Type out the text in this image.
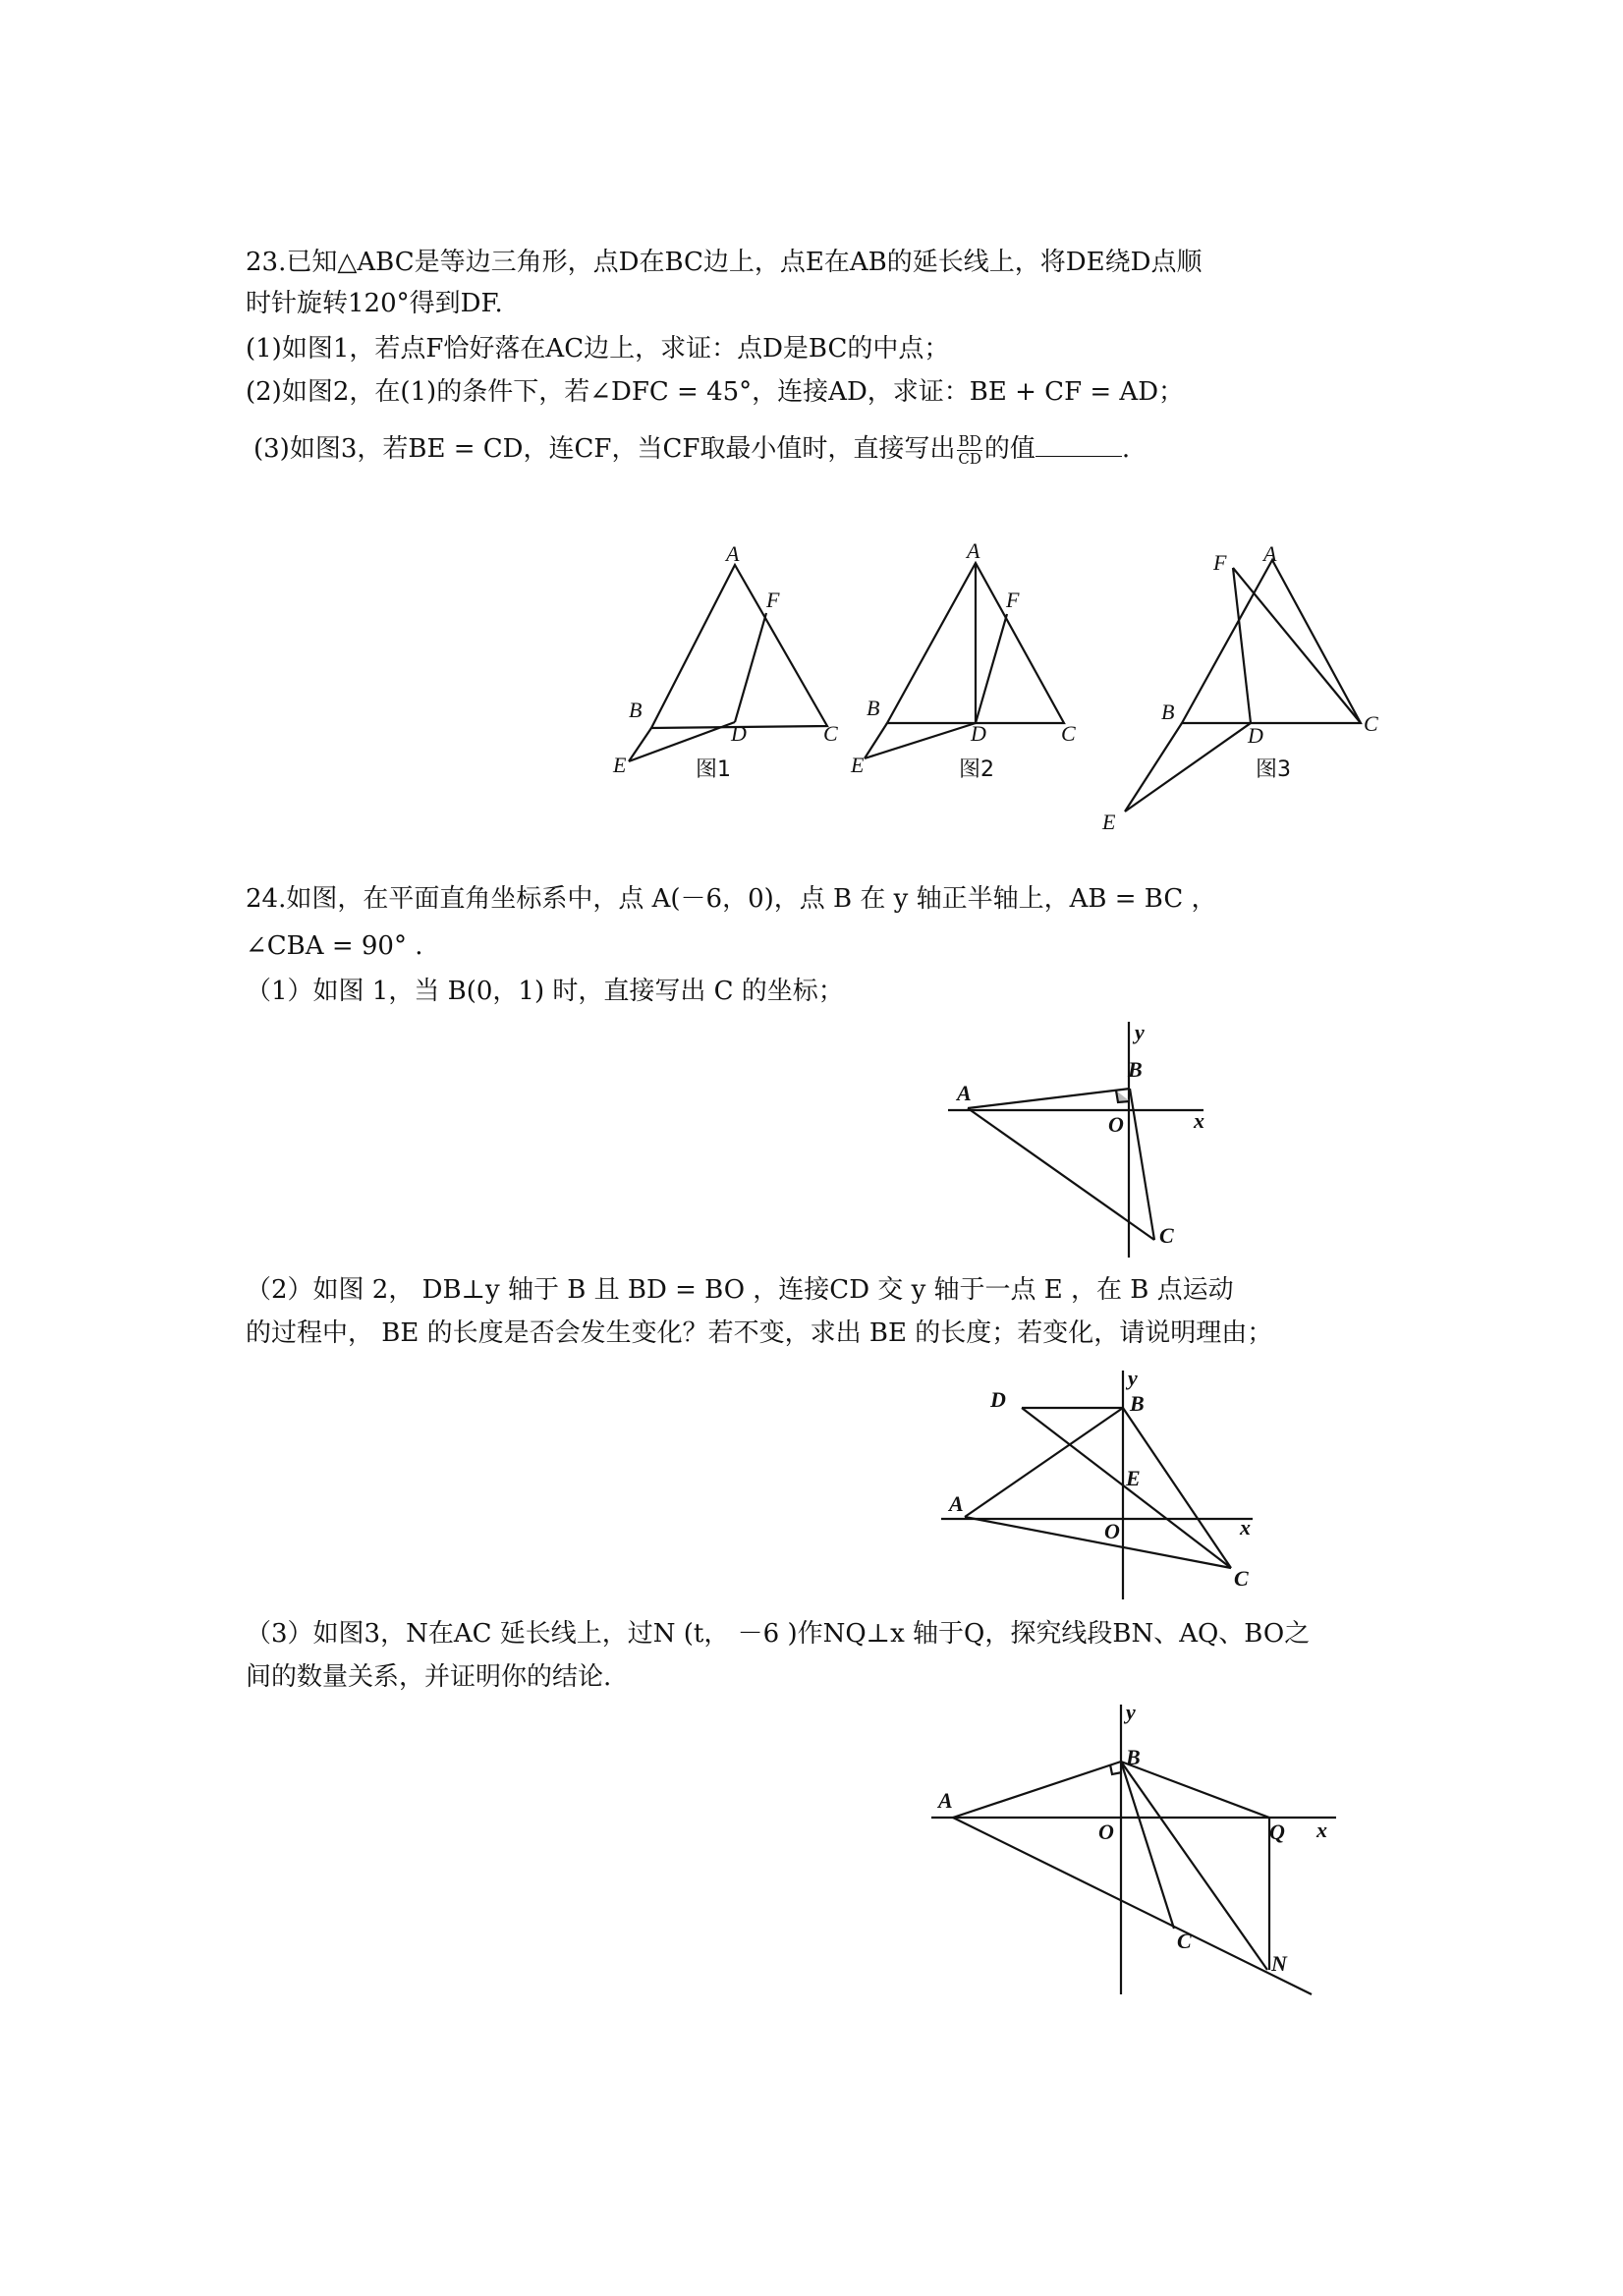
23.已知△ABC是等边三角形，点D在BC边上，点E在AB的延长线上，将DE绕D点顺
时针旋转120°得到DF.
(1)如图1，若点F恰好落在AC边上，求证：点D是BC的中点；
(2)如图2，在(1)的条件下，若∠DFC = 45°，连接AD，求证：BE + CF = AD；
(3)如图3，若BE = CD，连CF，当CF取最小值时，直接写出 $\frac{BD}{CD}$ 的值	.
A
F
B
D	C
E	图1
A
F
B
D	C
E	图2
F A
B
D	C
E
图3
y
B
A
O	x
C
y
D	B
E
A
O	x
C
y
B
A
O	Q x
C
N
24.如图，在平面直角坐标系中，点 A(－6，0)，点 B 在 y 轴正半轴上，AB = BC ，
∠CBA = 90° .
（1）如图 1，当 B(0，1) 时，直接写出 C 的坐标；
（2）如图 2， DB⊥y 轴于 B 且 BD = BO ，连接CD 交 y 轴于一点 E ，在 B 点运动
的过程中， BE 的长度是否会发生变化？若不变，求出 BE 的长度；若变化，请说明理由；
（3）如图3，N在AC 延长线上，过N (t， －6 )作NQ⊥x 轴于Q，探究线段BN、AQ、BO之
间的数量关系，并证明你的结论.
